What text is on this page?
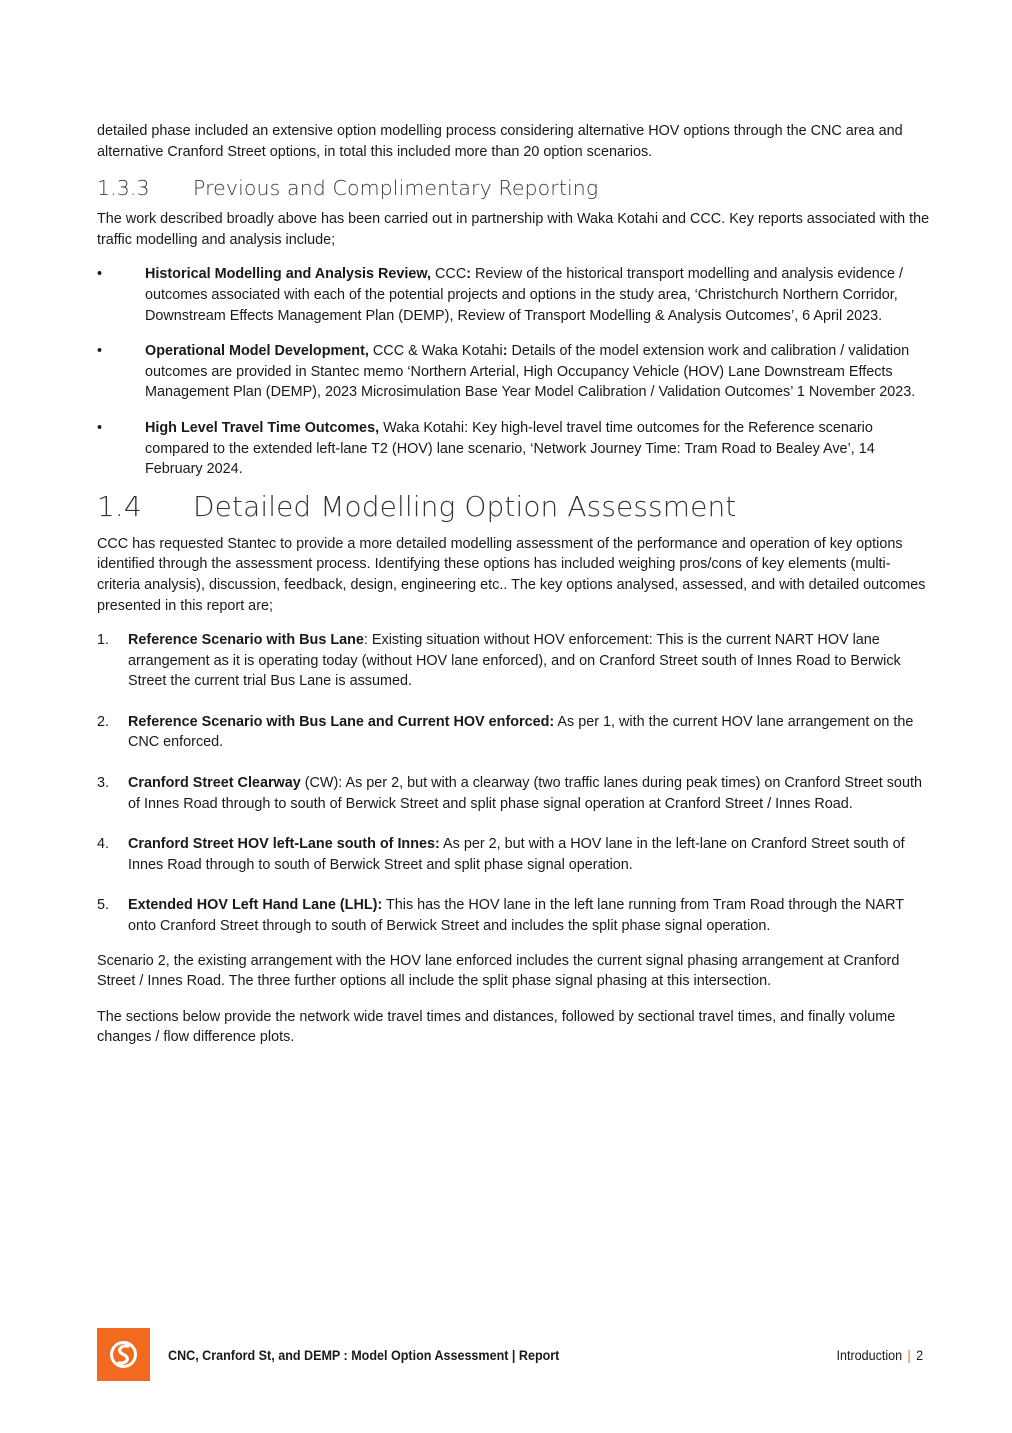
detailed phase included an extensive option modelling process considering alternative HOV options through the CNC area and alternative Cranford Street options, in total this included more than 20 option scenarios.

1.3.3	Previous and Complimentary Reporting

The work described broadly above has been carried out in partnership with Waka Kotahi and CCC. Key reports associated with the traffic modelling and analysis include;

•	Historical Modelling and Analysis Review, CCC: Review of the historical transport modelling and analysis evidence / outcomes associated with each of the potential projects and options in the study area, ‘Christchurch Northern Corridor, Downstream Effects Management Plan (DEMP), Review of Transport Modelling & Analysis Outcomes’, 6 April 2023.
•	Operational Model Development, CCC & Waka Kotahi: Details of the model extension work and calibration / validation outcomes are provided in Stantec memo ‘Northern Arterial, High Occupancy Vehicle (HOV) Lane Downstream Effects Management Plan (DEMP), 2023 Microsimulation Base Year Model Calibration / Validation Outcomes’ 1 November 2023.
•	High Level Travel Time Outcomes, Waka Kotahi: Key high-level travel time outcomes for the Reference scenario compared to the extended left-lane T2 (HOV) lane scenario, ‘Network Journey Time: Tram Road to Bealey Ave’, 14 February 2024.
1.4	Detailed Modelling Option Assessment

CCC has requested Stantec to provide a more detailed modelling assessment of the performance and operation of key options identified through the assessment process. Identifying these options has included weighing pros/cons of key elements (multi-criteria analysis), discussion, feedback, design, engineering etc.. The key options analysed, assessed, and with detailed outcomes presented in this report are;

1. Reference Scenario with Bus Lane: Existing situation without HOV enforcement: This is the current NART HOV lane arrangement as it is operating today (without HOV lane enforced), and on Cranford Street south of Innes Road to Berwick Street the current trial Bus Lane is assumed.
2. Reference Scenario with Bus Lane and Current HOV enforced: As per 1, with the current HOV lane arrangement on the CNC enforced.
3. Cranford Street Clearway (CW): As per 2, but with a clearway (two traffic lanes during peak times) on Cranford Street south of Innes Road through to south of Berwick Street and split phase signal operation at Cranford Street / Innes Road.
4. Cranford Street HOV left-Lane south of Innes: As per 2, but with a HOV lane in the left-lane on Cranford Street south of Innes Road through to south of Berwick Street and split phase signal operation.
5. Extended HOV Left Hand Lane (LHL): This has the HOV lane in the left lane running from Tram Road through the NART onto Cranford Street through to south of Berwick Street and includes the split phase signal operation.

Scenario 2, the existing arrangement with the HOV lane enforced includes the current signal phasing arrangement at Cranford Street / Innes Road. The three further options all include the split phase signal phasing at this intersection.

The sections below provide the network wide travel times and distances, followed by sectional travel times, and finally volume changes / flow difference plots.

CNC, Cranford St, and DEMP : Model Option Assessment | Report	Introduction | 2
